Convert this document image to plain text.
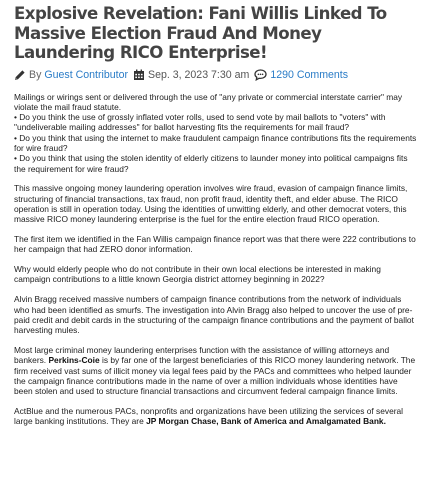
Explosive Revelation: Fani Willis Linked To Massive Election Fraud And Money Laundering RICO Enterprise!
By Guest Contributor Sep. 3, 2023 7:30 am 1290 Comments

Mailings or wirings sent or delivered through the use of "any private or commercial interstate carrier" may violate the mail fraud statute.
• Do you think the use of grossly inflated voter rolls, used to send vote by mail ballots to "voters" with "undeliverable mailing addresses" for ballot harvesting fits the requirements for mail fraud?
• Do you think that using the internet to make fraudulent campaign finance contributions fits the requirements for wire fraud?
• Do you think that using the stolen identity of elderly citizens to launder money into political campaigns fits the requirement for wire fraud?

This massive ongoing money laundering operation involves wire fraud, evasion of campaign finance limits, structuring of financial transactions, tax fraud, non profit fraud, identity theft, and elder abuse. The RICO operation is still in operation today. Using the identities of unwitting elderly, and other democrat voters, this massive RICO money laundering enterprise is the fuel for the entire election fraud RICO operation.

The first item we identified in the Fan Willis campaign finance report was that there were 222 contributions to her campaign that had ZERO donor information.

Why would elderly people who do not contribute in their own local elections be interested in making campaign contributions to a little known Georgia district attorney beginning in 2022?

Alvin Bragg received massive numbers of campaign finance contributions from the network of individuals who had been identified as smurfs. The investigation into Alvin Bragg also helped to uncover the use of pre-paid credit and debit cards in the structuring of the campaign finance contributions and the payment of ballot harvesting mules.

Most large criminal money laundering enterprises function with the assistance of willing attorneys and bankers. Perkins-Coie is by far one of the largest beneficiaries of this RICO money laundering network. The firm received vast sums of illicit money via legal fees paid by the PACs and committees who helped launder the campaign finance contributions made in the name of over a million individuals whose identities have been stolen and used to structure financial transactions and circumvent federal campaign finance limits.

ActBlue and the numerous PACs, nonprofits and organizations have been utilizing the services of several large banking institutions. They are JP Morgan Chase, Bank of America and Amalgamated Bank.
